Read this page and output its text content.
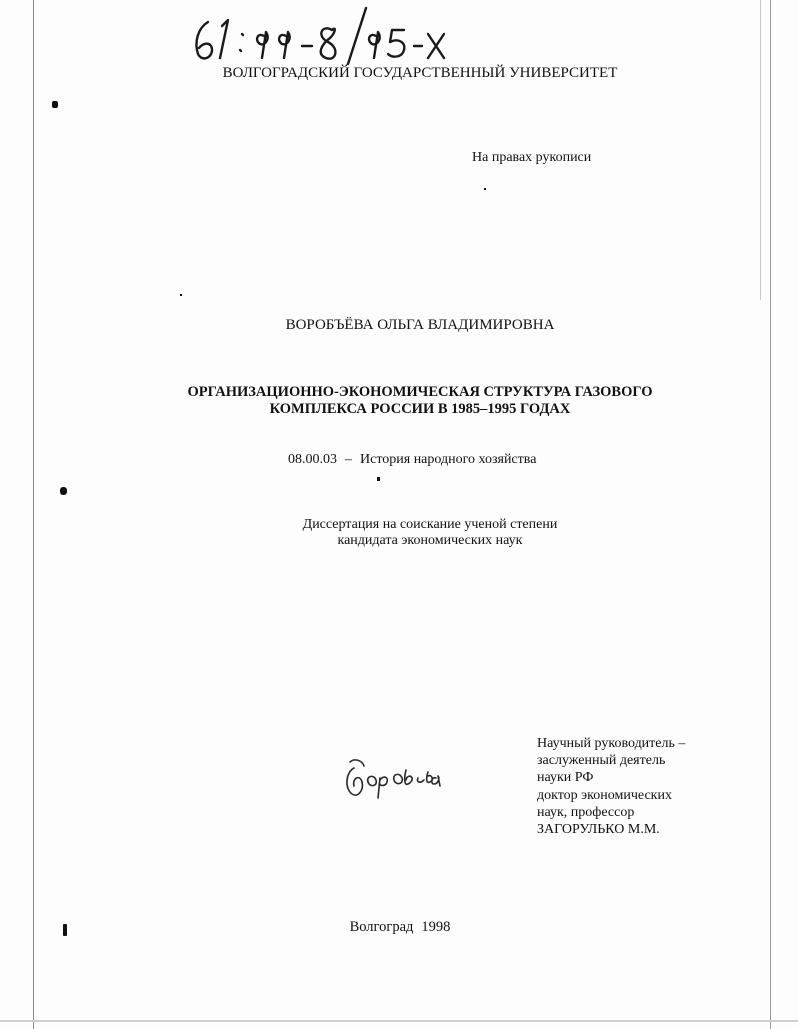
ВОЛГОГРАДСКИЙ ГОСУДАРСТВЕННЫЙ УНИВЕРСИТЕТ
На правах рукописи
ВОРОБЪЁВА ОЛЬГА ВЛАДИМИРОВНА
ОРГАНИЗАЦИОННО-ЭКОНОМИЧЕСКАЯ СТРУКТУРА ГАЗОВОГО
КОМПЛЕКСА РОССИИ В 1985–1995 ГОДАХ
08.00.03 – История народного хозяйства
Диссертация на соискание ученой степени
кандидата экономических наук
Научный руководитель –
заслуженный деятель
науки РФ
доктор экономических
наук, профессор
ЗАГОРУЛЬКО М.М.
Волгоград 1998
